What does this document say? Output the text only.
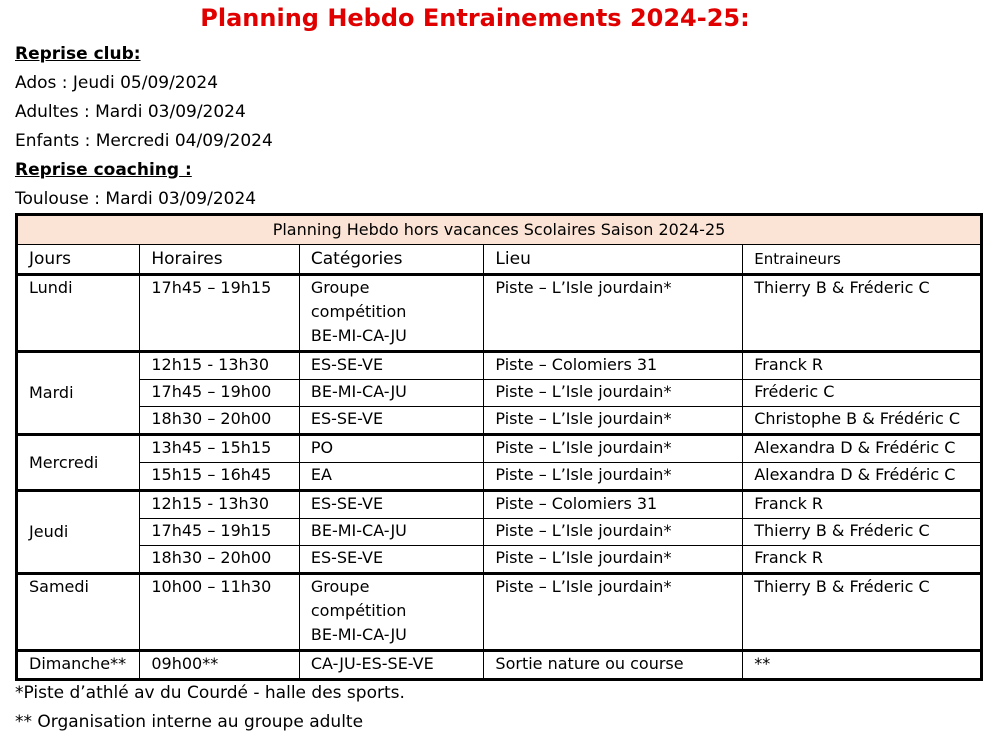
Planning Hebdo Entrainements 2024-25:
Reprise club:
Ados : Jeudi 05/09/2024
Adultes : Mardi 03/09/2024
Enfants : Mercredi 04/09/2024
Reprise coaching :
Toulouse : Mardi 03/09/2024
Planning Hebdo hors vacances Scolaires Saison 2024-25				
Jours	Horaires	Catégories	Lieu	Entraineurs
Lundi	17h45 – 19h15	Groupe
compétition
BE-MI-CA-JU	Piste – L’Isle jourdain*	Thierry B & Fréderic C
Mardi	12h15 - 13h30	ES-SE-VE	Piste – Colomiers 31	Franck R
	17h45 – 19h00	BE-MI-CA-JU	Piste – L’Isle jourdain*	Fréderic C
	18h30 – 20h00	ES-SE-VE	Piste – L’Isle jourdain*	Christophe B & Frédéric C
Mercredi	13h45 – 15h15	PO	Piste – L’Isle jourdain*	Alexandra D & Frédéric C
	15h15 – 16h45	EA	Piste – L’Isle jourdain*	Alexandra D & Frédéric C
Jeudi	12h15 - 13h30	ES-SE-VE	Piste – Colomiers 31	Franck R
	17h45 – 19h15	BE-MI-CA-JU	Piste – L’Isle jourdain*	Thierry B & Fréderic C
	18h30 – 20h00	ES-SE-VE	Piste – L’Isle jourdain*	Franck R
Samedi	10h00 – 11h30	Groupe
compétition
BE-MI-CA-JU	Piste – L’Isle jourdain*	Thierry B & Fréderic C
Dimanche**	09h00**	CA-JU-ES-SE-VE	Sortie nature ou course	**
*Piste d’athlé av du Courdé - halle des sports.
** Organisation interne au groupe adulte
